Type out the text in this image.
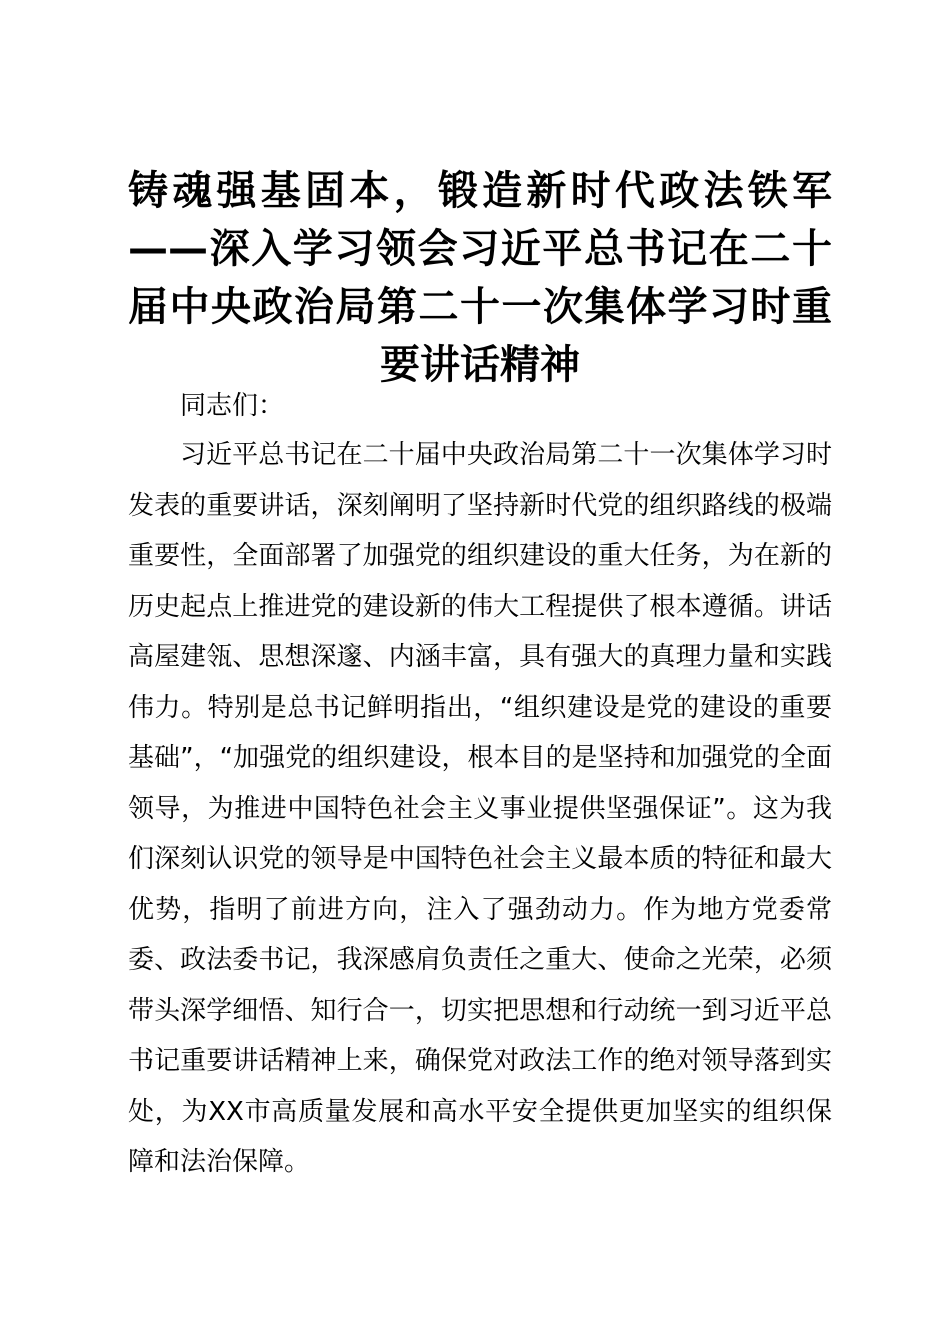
铸魂强基固本，锻造新时代政法铁军——深入学习领会习近平总书记在二十届中央政治局第二十一次集体学习时重要讲话精神

同志们：

习近平总书记在二十届中央政治局第二十一次集体学习时发表的重要讲话，深刻阐明了坚持新时代党的组织路线的极端重要性，全面部署了加强党的组织建设的重大任务，为在新的历史起点上推进党的建设新的伟大工程提供了根本遵循。讲话高屋建瓴、思想深邃、内涵丰富，具有强大的真理力量和实践伟力。特别是总书记鲜明指出，“组织建设是党的建设的重要基础”，“加强党的组织建设，根本目的是坚持和加强党的全面领导，为推进中国特色社会主义事业提供坚强保证”。这为我们深刻认识党的领导是中国特色社会主义最本质的特征和最大优势，指明了前进方向，注入了强劲动力。作为地方党委常委、政法委书记，我深感肩负责任之重大、使命之光荣，必须带头深学细悟、知行合一，切实把思想和行动统一到习近平总书记重要讲话精神上来，确保党对政法工作的绝对领导落到实处，为XX市高质量发展和高水平安全提供更加坚实的组织保障和法治保障。
